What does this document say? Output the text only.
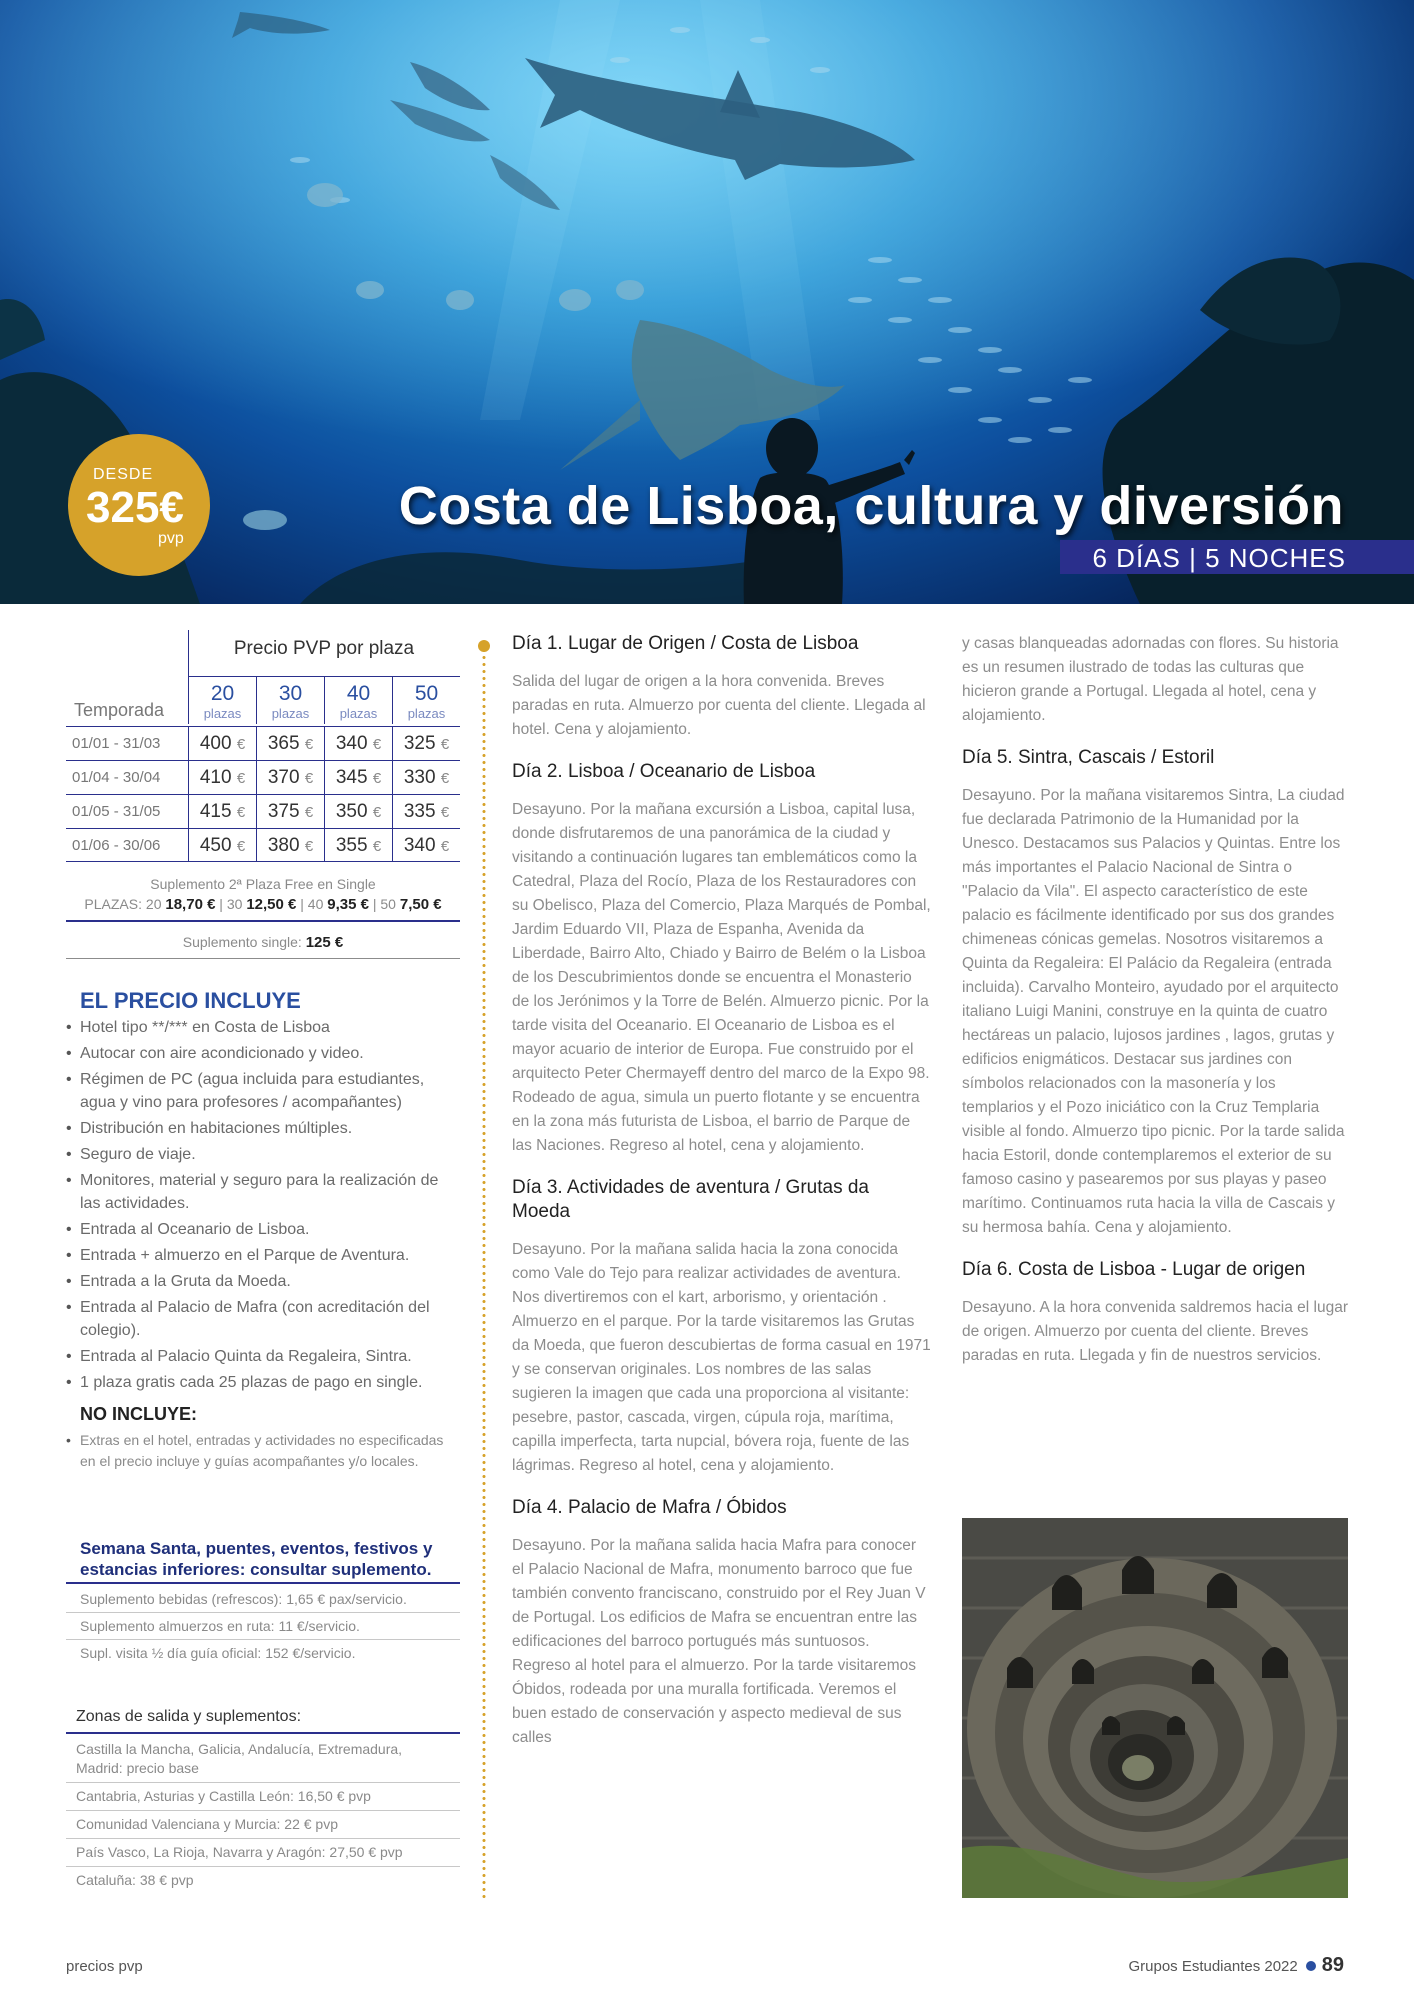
DESDE
325€
pvp
Costa de Lisboa, cultura y diversión
6 DÍAS | 5 NOCHES
Precio PVP por plaza
Temporada
20
plazas
30
plazas
40
plazas
50
plazas
01/01 - 31/03	400 €	365 €	340 €	325 €
01/04 - 30/04	410 €	370 €	345 €	330 €
01/05 - 31/05	415 €	375 €	350 €	335 €
01/06 - 30/06	450 €	380 €	355 €	340 €
Suplemento 2ª Plaza Free en Single
PLAZAS: 20 18,70 € | 30 12,50 € | 40 9,35 € | 50 7,50 €
Suplemento single: 125 €
EL PRECIO INCLUYE
• Hotel tipo **/*** en Costa de Lisboa
• Autocar con aire acondicionado y video.
• Régimen de PC (agua incluida para estudiantes, agua y vino para profesores / acompañantes)
• Distribución en habitaciones múltiples.
• Seguro de viaje.
• Monitores, material y seguro para la realización de las actividades.
• Entrada al Oceanario de Lisboa.
• Entrada + almuerzo en el Parque de Aventura.
• Entrada a la Gruta da Moeda.
• Entrada al Palacio de Mafra (con acreditación del colegio).
• Entrada al Palacio Quinta da Regaleira, Sintra.
• 1 plaza gratis cada 25 plazas de pago en single.
NO INCLUYE:
• Extras en el hotel, entradas y actividades no especificadas en el precio incluye y guías acompañantes y/o locales.
Semana Santa, puentes, eventos, festivos y estancias inferiores: consultar suplemento.
Suplemento bebidas (refrescos): 1,65 € pax/servicio.
Suplemento almuerzos en ruta: 11 €/servicio.
Supl. visita ½ día guía oficial: 152 €/servicio.
Zonas de salida y suplementos:
Castilla la Mancha, Galicia, Andalucía, Extremadura, Madrid: precio base
Cantabria, Asturias y Castilla León: 16,50 € pvp
Comunidad Valenciana y Murcia: 22 € pvp
País Vasco, La Rioja, Navarra y Aragón: 27,50 € pvp
Cataluña: 38 € pvp
Día 1. Lugar de Origen / Costa de Lisboa

Salida del lugar de origen a la hora convenida. Breves paradas en ruta. Almuerzo por cuenta del cliente. Llegada al hotel. Cena y alojamiento.

Día 2. Lisboa / Oceanario de Lisboa

Desayuno. Por la mañana excursión a Lisboa, capital lusa, donde disfrutaremos de una panorámica de la ciudad y visitando a continuación lugares tan emblemáticos como la Catedral, Plaza del Rocío, Plaza de los Restauradores con su Obelisco, Plaza del Comercio, Plaza Marqués de Pombal, Jardim Eduardo VII, Plaza de Espanha, Avenida da Liberdade, Bairro Alto, Chiado y Bairro de Belém o la Lisboa de los Descubrimientos donde se encuentra el Monasterio de los Jerónimos y la Torre de Belén. Almuerzo picnic. Por la tarde visita del Oceanario. El Oceanario de Lisboa es el mayor acuario de interior de Europa. Fue construido por el arquitecto Peter Chermayeff dentro del marco de la Expo 98. Rodeado de agua, simula un puerto flotante y se encuentra en la zona más futurista de Lisboa, el barrio de Parque de las Naciones. Regreso al hotel, cena y alojamiento.

Día 3. Actividades de aventura / Grutas da Moeda

Desayuno. Por la mañana salida hacia la zona conocida como Vale do Tejo para realizar actividades de aventura. Nos divertiremos con el kart, arborismo, y orientación . Almuerzo en el parque. Por la tarde visitaremos las Grutas da Moeda, que fueron descubiertas de forma casual en 1971 y se conservan originales. Los nombres de las salas sugieren la imagen que cada una proporciona al visitante: pesebre, pastor, cascada, virgen, cúpula roja, marítima, capilla imperfecta, tarta nupcial, bóvera roja, fuente de las lágrimas. Regreso al hotel, cena y alojamiento.

Día 4. Palacio de Mafra / Óbidos

Desayuno. Por la mañana salida hacia Mafra para conocer el Palacio Nacional de Mafra, monumento barroco que fue también convento franciscano, construido por el Rey Juan V de Portugal. Los edificios de Mafra se encuentran entre las edificaciones del barroco portugués más suntuosos. Regreso al hotel para el almuerzo. Por la tarde visitaremos Óbidos, rodeada por una muralla fortificada. Veremos el buen estado de conservación y aspecto medieval de sus calles

y casas blanqueadas adornadas con flores. Su historia es un resumen ilustrado de todas las culturas que hicieron grande a Portugal. Llegada al hotel, cena y alojamiento.

Día 5. Sintra, Cascais / Estoril

Desayuno. Por la mañana visitaremos Sintra, La ciudad fue declarada Patrimonio de la Humanidad por la Unesco. Destacamos sus Palacios y Quintas. Entre los más importantes el Palacio Nacional de Sintra o "Palacio da Vila". El aspecto característico de este palacio es fácilmente identificado por sus dos grandes chimeneas cónicas gemelas. Nosotros visitaremos a Quinta da Regaleira: El Palácio da Regaleira (entrada incluida). Carvalho Monteiro, ayudado por el arquitecto italiano Luigi Manini, construye en la quinta de cuatro hectáreas un palacio, lujosos jardines , lagos, grutas y edificios enigmáticos. Destacar sus jardines con símbolos relacionados con la masonería y los templarios y el Pozo iniciático con la Cruz Templaria visible al fondo. Almuerzo tipo picnic. Por la tarde salida hacia Estoril, donde contemplaremos el exterior de su famoso casino y pasearemos por sus playas y paseo marítimo. Continuamos ruta hacia la villa de Cascais y su hermosa bahía. Cena y alojamiento.

Día 6. Costa de Lisboa - Lugar de origen

Desayuno. A la hora convenida saldremos hacia el lugar de origen. Almuerzo por cuenta del cliente. Breves paradas en ruta. Llegada y fin de nuestros servicios.

precios pvp	Grupos Estudiantes 2022 89
